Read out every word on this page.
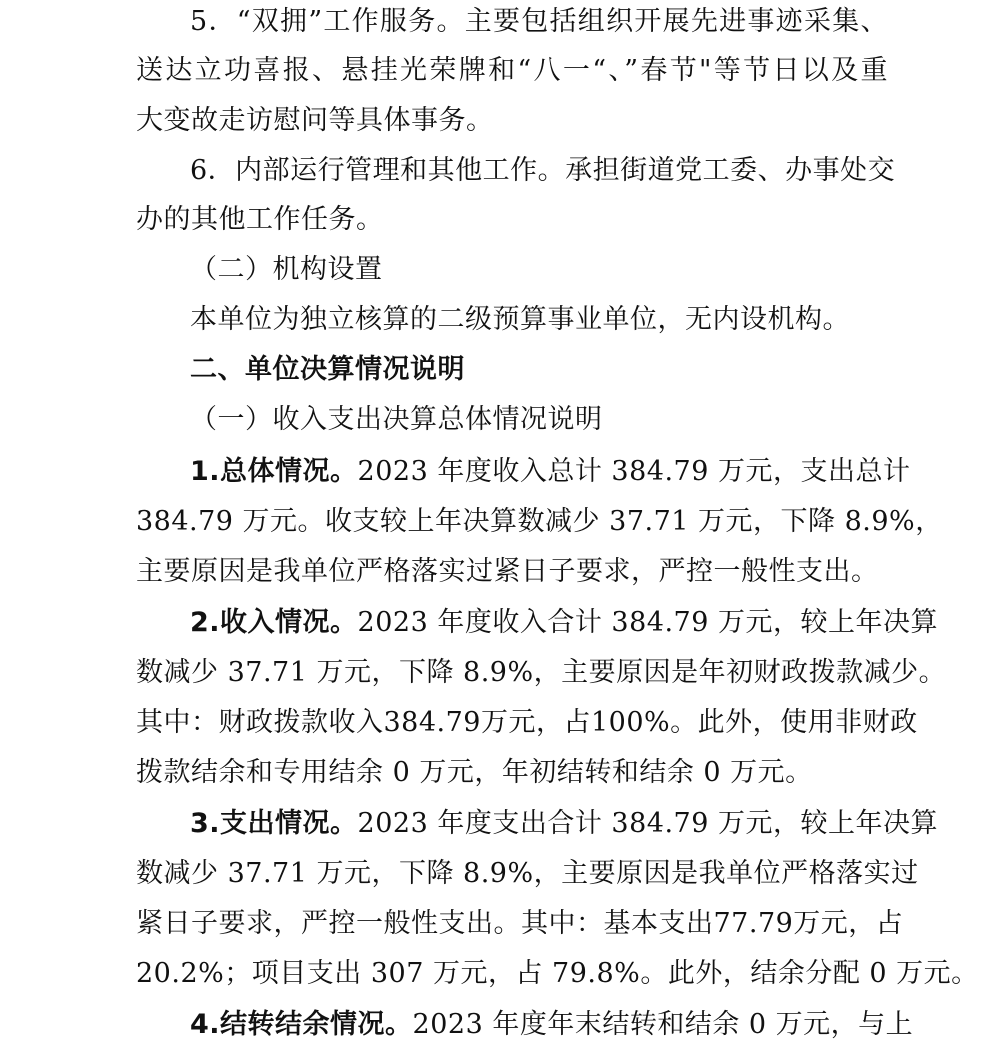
5．“双拥”工作服务。主要包括组织开展先进事迹采集、
送达立功喜报、悬挂光荣牌和“八一“、”春节"等节日以及重
大变故走访慰问等具体事务。
6．内部运行管理和其他工作。承担街道党工委、办事处交
办的其他工作任务。
（二）机构设置
本单位为独立核算的二级预算事业单位，无内设机构。
二、单位决算情况说明
（一）收入支出决算总体情况说明
1.总体情况。2023 年度收入总计 384.79 万元，支出总计
384.79 万元。收支较上年决算数减少 37.71 万元，下降 8.9%，
主要原因是我单位严格落实过紧日子要求，严控一般性支出。
2.收入情况。2023 年度收入合计 384.79 万元，较上年决算
数减少 37.71 万元，下降 8.9%，主要原因是年初财政拨款减少。
其中：财政拨款收入384.79万元，占100%。此外，使用非财政
拨款结余和专用结余 0 万元，年初结转和结余 0 万元。
3.支出情况。2023 年度支出合计 384.79 万元，较上年决算
数减少 37.71 万元，下降 8.9%，主要原因是我单位严格落实过
紧日子要求，严控一般性支出。其中：基本支出77.79万元，占
20.2%；项目支出 307 万元，占 79.8%。此外，结余分配 0 万元。
4.结转结余情况。2023 年度年末结转和结余 0 万元，与上
